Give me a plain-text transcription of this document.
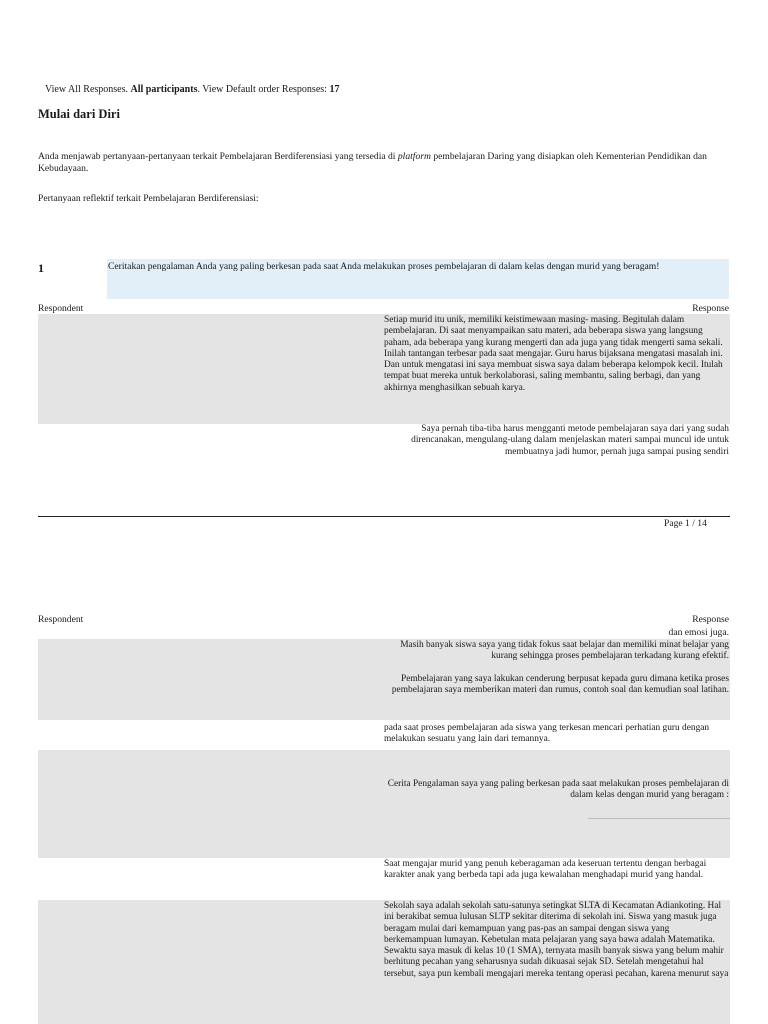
View All Responses. All participants. View Default order Responses: 17
Mulai dari Diri
Anda menjawab pertanyaan-pertanyaan terkait Pembelajaran Berdiferensiasi yang tersedia di platform pembelajaran Daring yang disiapkan oleh Kementerian Pendidikan dan Kebudayaan.
Pertanyaan reflektif terkait Pembelajaran Berdiferensiasi:
1	Ceritakan pengalaman Anda yang paling berkesan pada saat Anda melakukan proses pembelajaran di dalam kelas dengan murid yang beragam!
Respondent	Response
Setiap murid itu unik, memiliki keistimewaan masing- masing. Begitulah dalam pembelajaran. Di saat menyampaikan satu materi, ada beberapa siswa yang langsung paham, ada beberapa yang kurang mengerti dan ada juga yang tidak mengerti sama sekali. Inilah tantangan terbesar pada saat mengajar. Guru harus bijaksana mengatasi masalah ini. Dan untuk mengatasi ini saya membuat siswa saya dalam beberapa kelompok kecil. Itulah tempat buat mereka untuk berkolaborasi, saling membantu, saling berbagi, dan yang akhirnya menghasilkan sebuah karya.
Saya pernah tiba-tiba harus mengganti metode pembelajaran saya dari yang sudah direncanakan, mengulang-ulang dalam menjelaskan materi sampai muncul ide untuk membuatnya jadi humor, pernah juga sampai pusing sendiri
Page 1 / 14
Respondent	Response
dan emosi juga.

Masih banyak siswa saya yang tidak fokus saat belajar dan memiliki minat belajar yang kurang sehingga proses pembelajaran terkadang kurang efektif.

Pembelajaran yang saya lakukan cenderung berpusat kepada guru dimana ketika proses pembelajaran saya memberikan materi dan rumus, contoh soal dan kemudian soal latihan.

pada saat proses pembelajaran ada siswa yang terkesan mencari perhatian guru dengan melakukan sesuatu yang lain dari temannya.
Cerita Pengalaman saya yang paling berkesan pada saat melakukan proses pembelajaran di dalam kelas dengan murid yang beragam :
Saat mengajar murid yang penuh keberagaman ada keseruan tertentu dengan berbagai karakter anak yang berbeda tapi ada juga kewalahan menghadapi murid yang handal.
Sekolah saya adalah sekolah satu-satunya setingkat SLTA di Kecamatan Adiankoting. Hal ini berakibat semua lulusan SLTP sekitar diterima di sekolah ini. Siswa yang masuk juga beragam mulai dari kemampuan yang pas-pas an sampai dengan siswa yang berkemampuan lumayan. Kebetulan mata pelajaran yang saya bawa adalah Matematika. Sewaktu saya masuk di kelas 10 (1 SMA), ternyata masih banyak siswa yang belum mahir berhitung pecahan yang seharusnya sudah dikuasai sejak SD. Setelah mengetahui hal tersebut, saya pun kembali mengajari mereka tentang operasi pecahan, karena menurut saya
